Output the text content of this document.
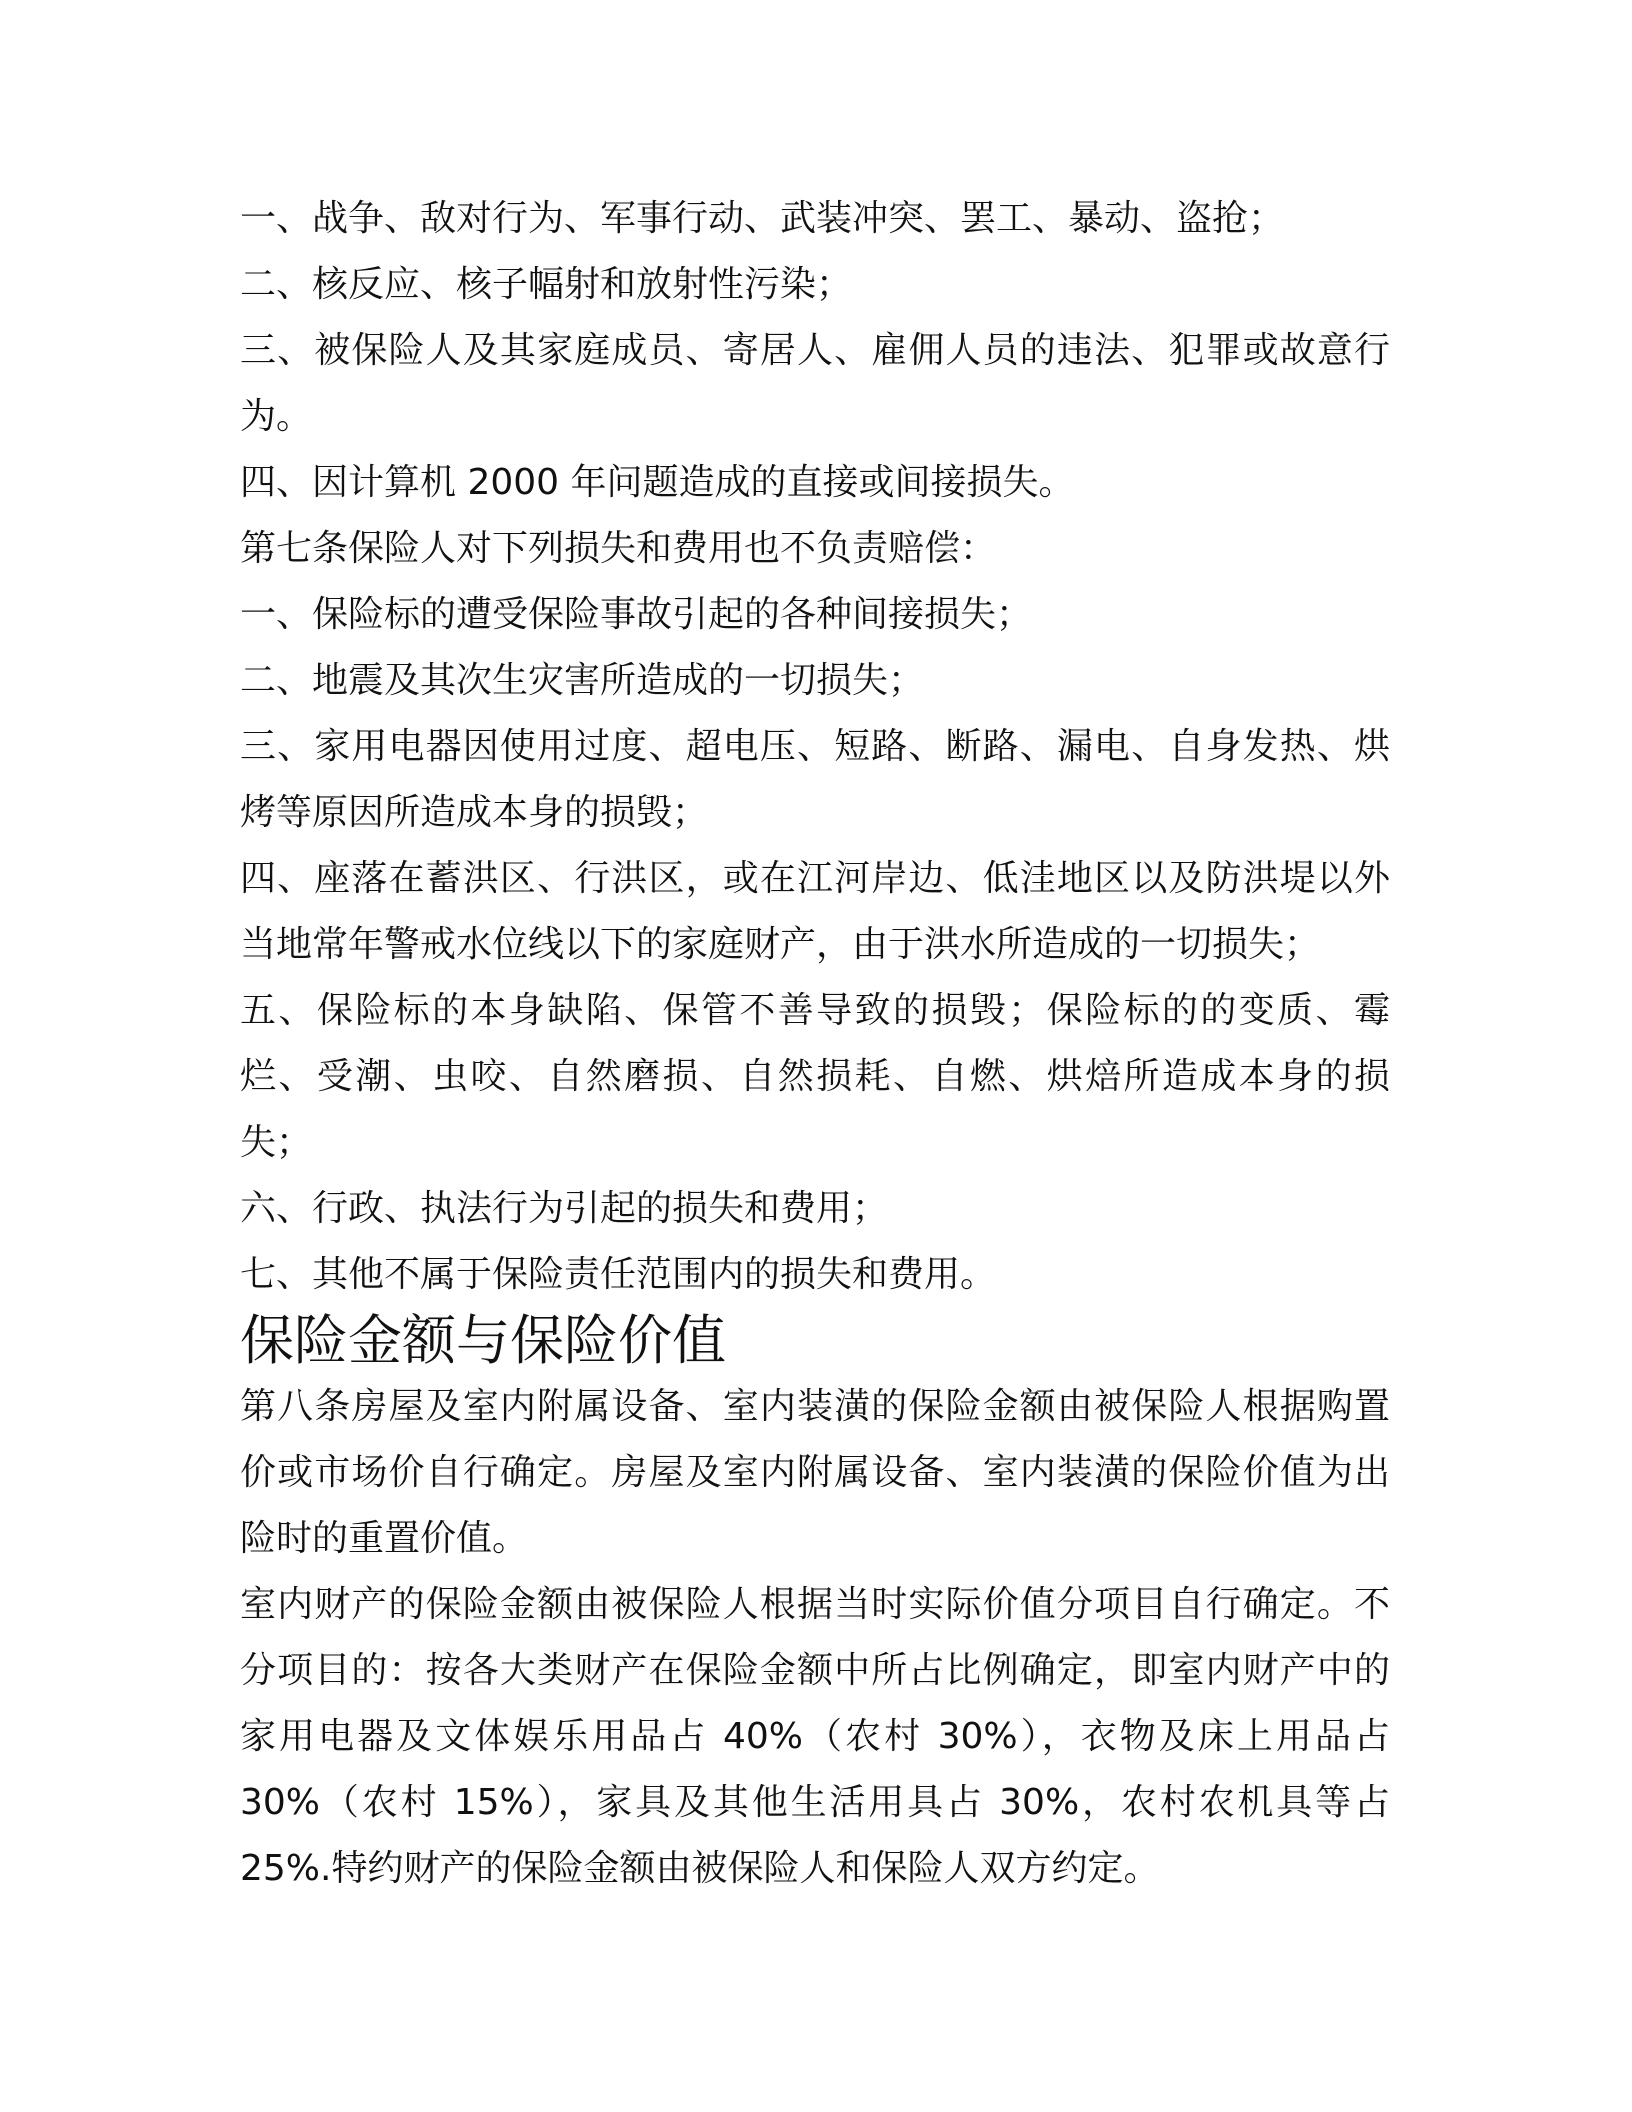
一、战争、敌对行为、军事行动、武装冲突、罢工、暴动、盗抢；

二、核反应、核子幅射和放射性污染；

三、被保险人及其家庭成员、寄居人、雇佣人员的违法、犯罪或故意行为。

四、因计算机 2000 年问题造成的直接或间接损失。

第七条保险人对下列损失和费用也不负责赔偿：

一、保险标的遭受保险事故引起的各种间接损失；

二、地震及其次生灾害所造成的一切损失；

三、家用电器因使用过度、超电压、短路、断路、漏电、自身发热、烘烤等原因所造成本身的损毁；

四、座落在蓄洪区、行洪区，或在江河岸边、低洼地区以及防洪堤以外当地常年警戒水位线以下的家庭财产，由于洪水所造成的一切损失；

五、保险标的本身缺陷、保管不善导致的损毁；保险标的的变质、霉烂、受潮、虫咬、自然磨损、自然损耗、自燃、烘焙所造成本身的损失；

六、行政、执法行为引起的损失和费用；

七、其他不属于保险责任范围内的损失和费用。

保险金额与保险价值

第八条房屋及室内附属设备、室内装潢的保险金额由被保险人根据购置价或市场价自行确定。房屋及室内附属设备、室内装潢的保险价值为出险时的重置价值。

室内财产的保险金额由被保险人根据当时实际价值分项目自行确定。不分项目的：按各大类财产在保险金额中所占比例确定，即室内财产中的家用电器及文体娱乐用品占 40%（农村 30%），衣物及床上用品占 30%（农村 15%），家具及其他生活用具占 30%，农村农机具等占 25%.特约财产的保险金额由被保险人和保险人双方约定。
